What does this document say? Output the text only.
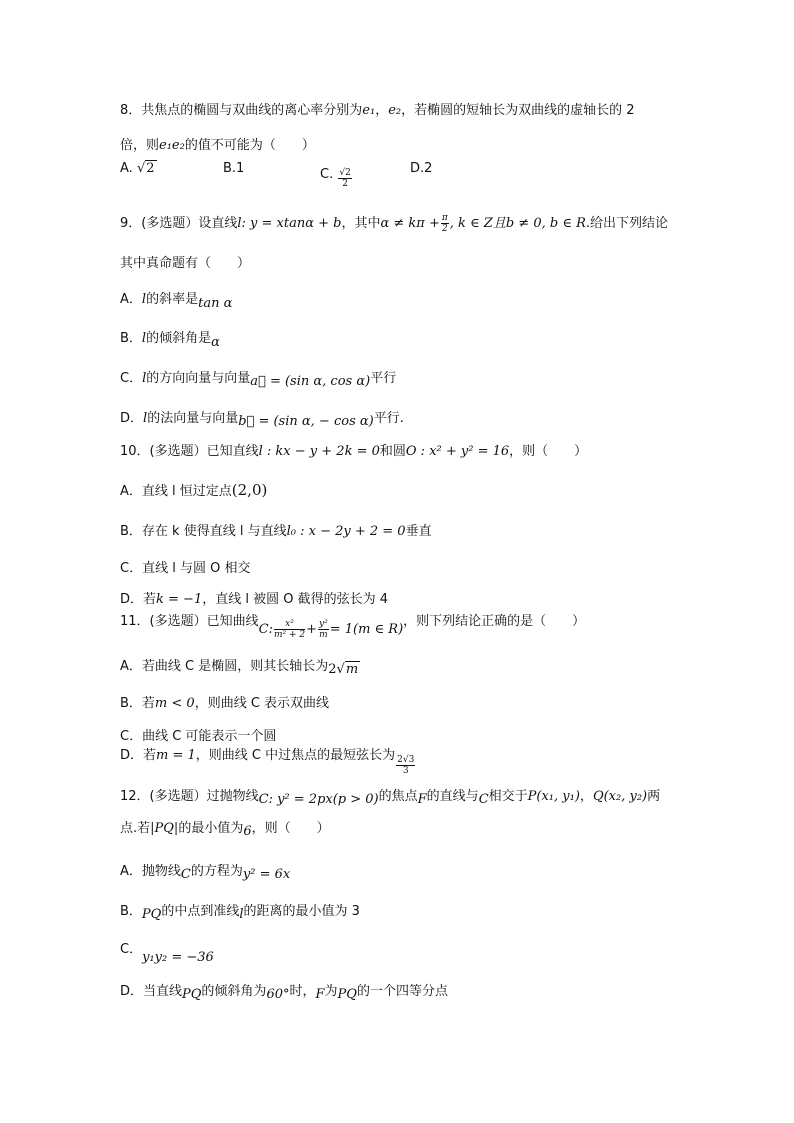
8．共焦点的椭圆与双曲线的离心率分别为e₁，e₂，若椭圆的短轴长为双曲线的虚轴长的 2
倍，则e₁e₂的值不可能为（　　）
A. √2	B.1	C. $\frac{√2}{2}$	D.2
9．(多选题）设直线l: y = xtanα + b，其中$\alpha \ne k\pi + \frac{\pi}{2}$ , k ∈ Z且b ≠ 0, b ∈ R.给出下列结论
其中真命题有（　　）
A．l的斜率是tan α
B．l的倾斜角是α
C．l的方向向量与向量a⃗ = (sin α, cos α)平行
D．l的法向量与向量b⃗ = (sin α, − cos α)平行.
10．(多选题）已知直线l : kx − y + 2k = 0和圆O : x² + y² = 16，则（　　）
A．直线 l 恒过定点(2,0)
B．存在 k 使得直线 l 与直线l₀ : x − 2y + 2 = 0垂直
C．直线 l 与圆 O 相交
D．若k = −1，直线 l 被圆 O 截得的弦长为 4
11．(多选题）已知曲线C: $\frac{\text{x²}}{\text{m² + 2}} + \frac{\text{y²}}{m} = 1(m$ ∈ R)，则下列结论正确的是（　　）
A．若曲线 C 是椭圆，则其长轴长为2√m
B．若m < 0，则曲线 C 表示双曲线
C．曲线 C 可能表示一个圆
D．若m = 1，则曲线 C 中过焦点的最短弦长为 $\frac{2√3}{3}$
12．(多选题）过抛物线C: y² = 2px(p > 0)的焦点F的直线与C相交于P(x₁, y₁)，Q(x₂, y₂)两
点.若|PQ|的最小值为6，则（　　）
A．抛物线C的方程为y² = 6x
B．PQ的中点到准线l的距离的最小值为 3
C．y₁y₂ = −36
D．当直线PQ的倾斜角为60°时，F为PQ的一个四等分点
